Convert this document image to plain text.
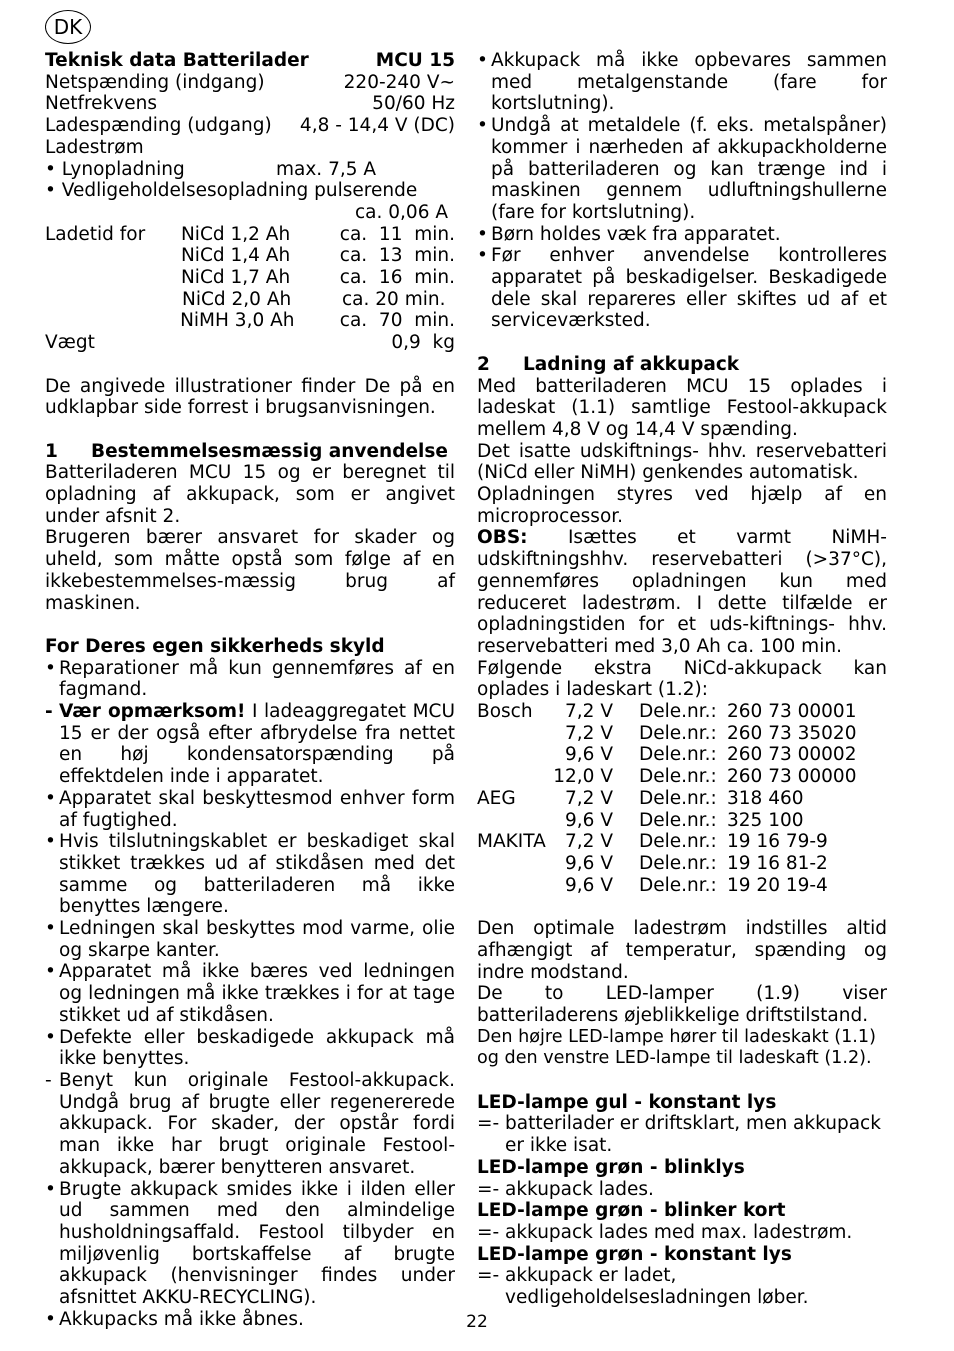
DK
Teknisk data Batterilader	MCU 15
Netspænding (indgang)	220-240 V~
Netfrekvens	50/60 Hz
Ladespænding (udgang)	4,8 - 14,4 V (DC)
Ladestrøm
• Lynopladning	max. 7,5 A
• Vedligeholdelsesopladning pulserende
ca. 0,06 A
Ladetid for	NiCd 1,2 Ah	ca.  11  min.
NiCd 1,4 Ah	ca.  13  min.
NiCd 1,7 Ah	ca.  16  min.
NiCd 2,0 Ah	ca. 20 min.
NiMH 3,0 Ah	ca.  70  min.
Vægt	0,9  kg

De angivede illustrationer finder De på en udklapbar side forrest i brugsanvisningen.

1	Bestemmelsesmæssig anvendelse

Batteriladeren MCU 15 og er beregnet til opladning af akkupack, som er angivet under afsnit 2.

Brugeren bærer ansvaret for skader og uheld, som måtte opstå som følge af en ikkebestemmelses-mæssig brug af maskinen.

For Deres egen sikkerheds skyld
• Reparationer må kun gennemføres af en fagmand.
- Vær opmærksom! I ladeaggregatet MCU 15 er der også efter afbrydelse fra nettet en høj kondensatorspænding på effektdelen inde i apparatet.
• Apparatet skal beskyttesmod enhver form af fugtighed.
• Hvis tilslutningskablet er beskadiget skal stikket trækkes ud af stikdåsen med det samme og batteriladeren må ikke benyttes længere.
• Ledningen skal beskyttes mod varme, olie og skarpe kanter.
• Apparatet må ikke bæres ved ledningen og ledningen må ikke trækkes i for at tage stikket ud af stikdåsen.
• Defekte eller beskadigede akkupack må ikke benyttes.
- Benyt kun originale Festool-akkupack. Undgå brug af brugte eller regenererede akkupack. For skader, der opstår fordi man ikke har brugt originale Festool-akkupack, bærer benytteren ansvaret.
• Brugte akkupack smides ikke i ilden eller ud sammen med den almindelige husholdningsaffald. Festool tilbyder en miljøvenlig bortskaffelse af brugte akkupack (henvisninger findes under afsnittet AKKU-RECYCLING).
• Akkupacks må ikke åbnes.
• Akkupack må ikke opbevares sammen med metalgenstande (fare for kortslutning).
• Undgå at metaldele (f. eks. metalspåner) kommer i nærheden af akkupackholderne på batteriladeren og kan trænge ind i maskinen gennem udluftningshullerne (fare for kortslutning).
• Børn holdes væk fra apparatet.
• Før enhver anvendelse kontrolleres apparatet på beskadigelser. Beskadigede dele skal repareres eller skiftes ud af et serviceværksted.
2	Ladning af akkupack

Med batteriladeren MCU 15 oplades i ladeskat (1.1) samtlige Festool-akkupack mellem 4,8 V og 14,4 V spænding.

Det isatte udskiftnings- hhv. reservebatteri (NiCd eller NiMH) genkendes automatisk.

Opladningen styres ved hjælp af en microprocessor.

OBS: Isættes et varmt NiMH-udskiftningshhv. reservebatteri (>37°C), gennemføres opladningen kun med reduceret ladestrøm. I dette tilfælde er opladningstiden for et uds-kiftnings- hhv. reservebatteri med 3,0 Ah ca. 100 min.

Følgende ekstra NiCd-akkupack kan oplades i ladeskart (1.2):

Bosch	7,2 V	Dele.nr.:	260 73 00001
	7,2 V	Dele.nr.:	260 73 35020
	9,6 V	Dele.nr.:	260 73 00002
	12,0 V	Dele.nr.:	260 73 00000
AEG	7,2 V	Dele.nr.:	318 460
	9,6 V	Dele.nr.:	325 100
MAKITA	7,2 V	Dele.nr.:	19 16 79-9
	9,6 V	Dele.nr.:	19 16 81-2
	9,6 V	Dele.nr.:	19 20 19-4

Den optimale ladestrøm indstilles altid afhængigt af temperatur, spænding og indre modstand.

De to LED-lamper (1.9) viser batteriladerens øjeblikkelige driftstilstand.

Den højre LED-lampe hører til ladeskakt (1.1) og den venstre LED-lampe til ladeskaft (1.2).

LED-lampe gul - konstant lys
=- batterilader er driftsklart, men akkupack er ikke isat.
LED-lampe grøn - blinklys
=- akkupack lades.
LED-lampe grøn - blinker kort
=- akkupack lades med max. ladestrøm.
LED-lampe grøn - konstant lys
=- akkupack er ladet, vedligeholdelsesladningen løber.
22
